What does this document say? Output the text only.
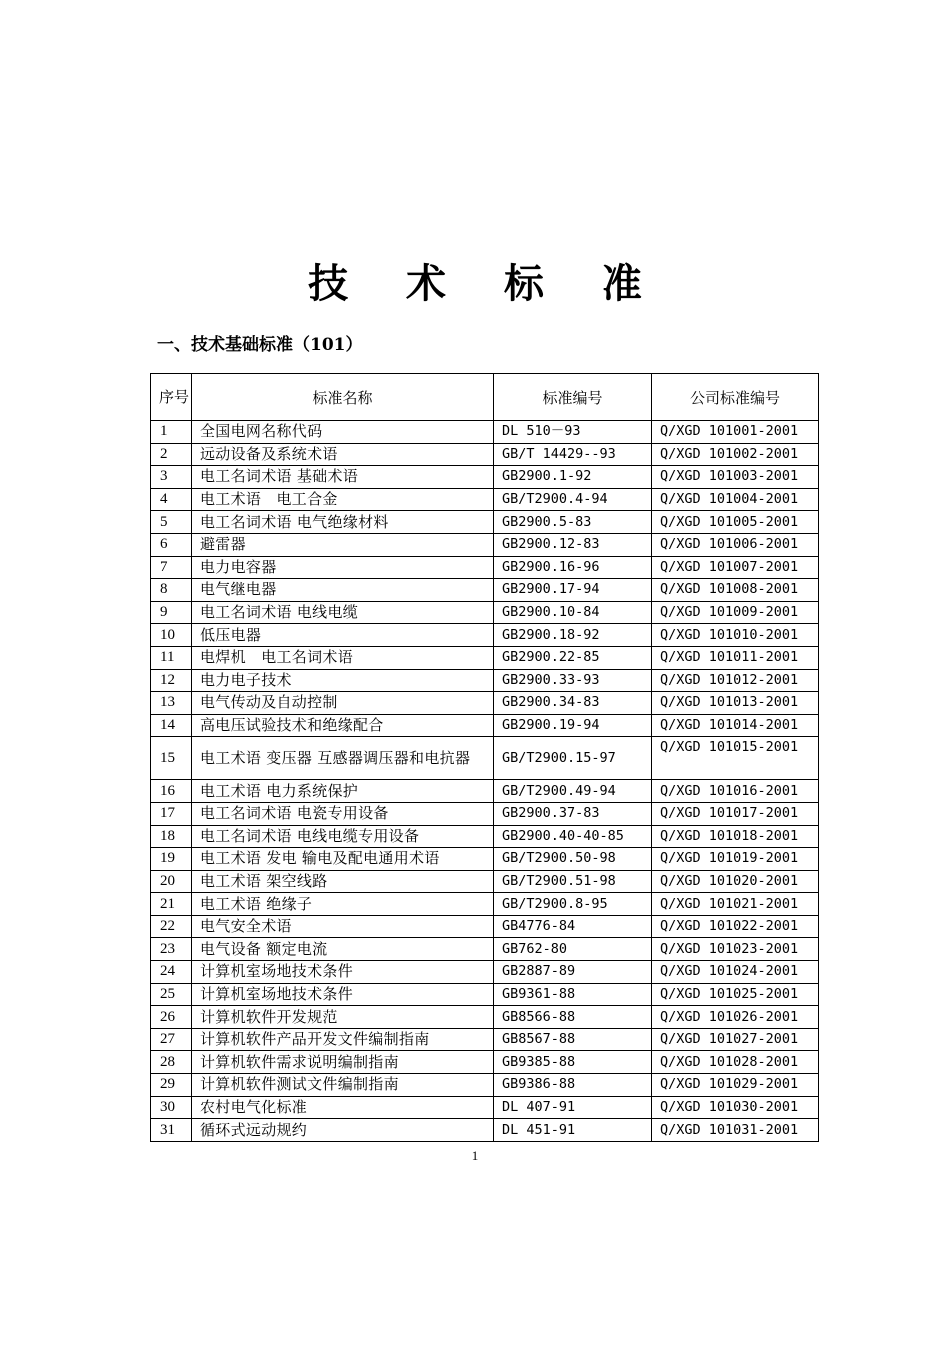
技 术 标 准
一、技术基础标准（101）
序号	标准名称	标准编号	公司标准编号
1	全国电网名称代码	DL 510－93	Q/XGD 101001-2001
2	远动设备及系统术语	GB/T 14429--93	Q/XGD 101002-2001
3	电工名词术语 基础术语	GB2900.1-92	Q/XGD 101003-2001
4	电工术语　电工合金	GB/T2900.4-94	Q/XGD 101004-2001
5	电工名词术语 电气绝缘材料	GB2900.5-83	Q/XGD 101005-2001
6	避雷器	GB2900.12-83	Q/XGD 101006-2001
7	电力电容器	GB2900.16-96	Q/XGD 101007-2001
8	电气继电器	GB2900.17-94	Q/XGD 101008-2001
9	电工名词术语 电线电缆	GB2900.10-84	Q/XGD 101009-2001
10	低压电器	GB2900.18-92	Q/XGD 101010-2001
11	电焊机　电工名词术语	GB2900.22-85	Q/XGD 101011-2001
12	电力电子技术	GB2900.33-93	Q/XGD 101012-2001
13	电气传动及自动控制	GB2900.34-83	Q/XGD 101013-2001
14	高电压试验技术和绝缘配合	GB2900.19-94	Q/XGD 101014-2001
15	电工术语 变压器 互感器调压器和电抗器	GB/T2900.15-97	Q/XGD 101015-2001
16	电工术语 电力系统保护	GB/T2900.49-94	Q/XGD 101016-2001
17	电工名词术语 电瓷专用设备	GB2900.37-83	Q/XGD 101017-2001
18	电工名词术语 电线电缆专用设备	GB2900.40-40-85	Q/XGD 101018-2001
19	电工术语 发电 输电及配电通用术语	GB/T2900.50-98	Q/XGD 101019-2001
20	电工术语 架空线路	GB/T2900.51-98	Q/XGD 101020-2001
21	电工术语 绝缘子	GB/T2900.8-95	Q/XGD 101021-2001
22	电气安全术语	GB4776-84	Q/XGD 101022-2001
23	电气设备 额定电流	GB762-80	Q/XGD 101023-2001
24	计算机室场地技术条件	GB2887-89	Q/XGD 101024-2001
25	计算机室场地技术条件	GB9361-88	Q/XGD 101025-2001
26	计算机软件开发规范	GB8566-88	Q/XGD 101026-2001
27	计算机软件产品开发文件编制指南	GB8567-88	Q/XGD 101027-2001
28	计算机软件需求说明编制指南	GB9385-88	Q/XGD 101028-2001
29	计算机软件测试文件编制指南	GB9386-88	Q/XGD 101029-2001
30	农村电气化标准	DL 407-91	Q/XGD 101030-2001
31	循环式远动规约	DL 451-91	Q/XGD 101031-2001

1
